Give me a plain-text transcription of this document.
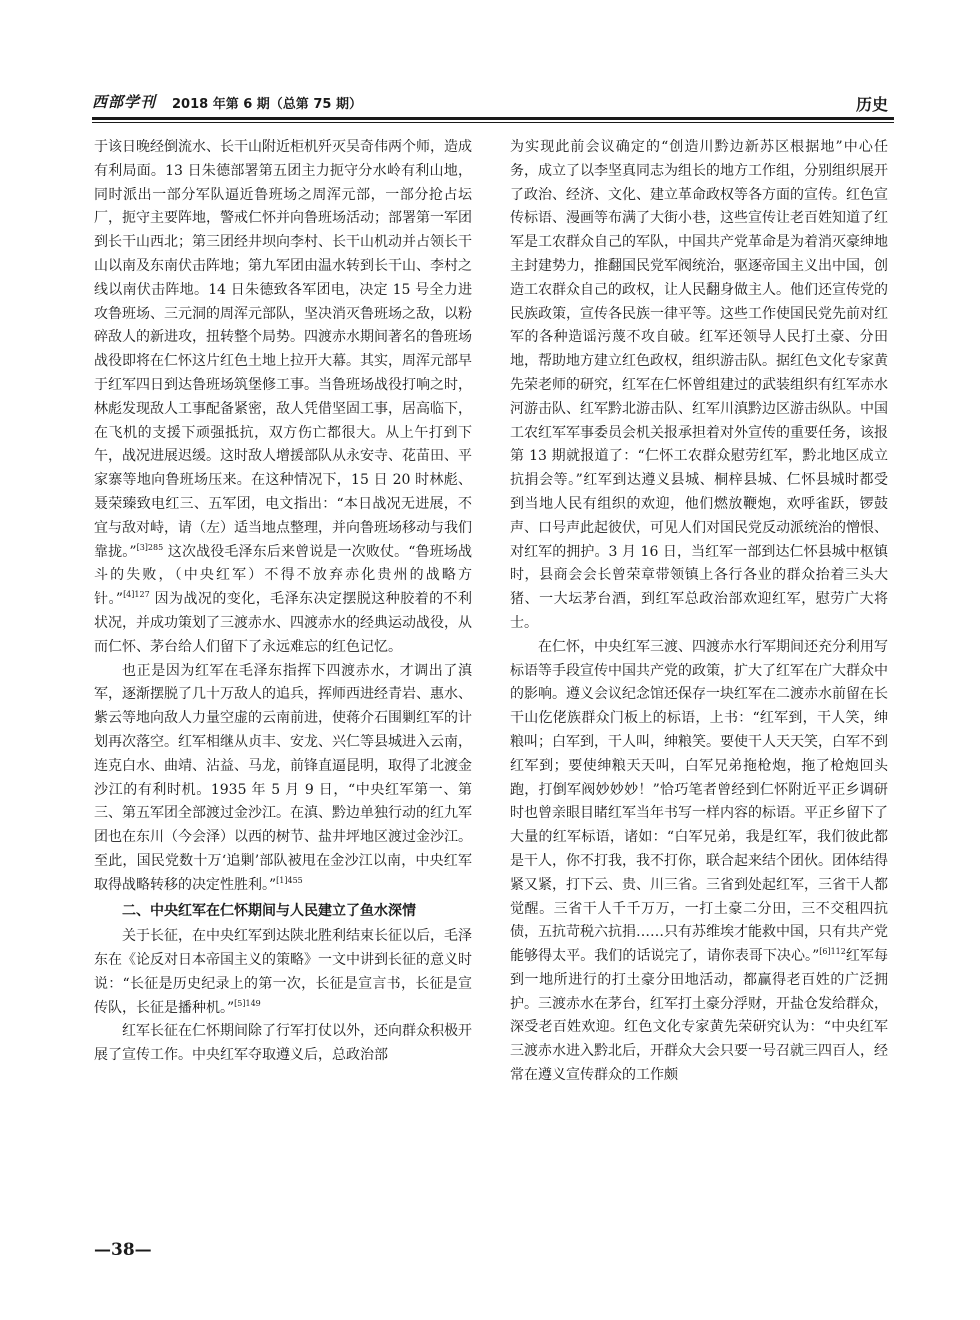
西部学刊 2018 年第 6 期（总第 75 期）	历史

于该日晚经倒流水、长干山附近柜机歼灭吴奇伟两个师，造成有利局面。13 日朱德部署第五团主力扼守分水岭有利山地，同时派出一部分军队逼近鲁班场之周浑元部，一部分抢占坛厂，扼守主要阵地，警戒仁怀并向鲁班场活动；部署第一军团到长干山西北；第三团经井坝向李村、长干山机动并占领长干山以南及东南伏击阵地；第九军团由温水转到长干山、李村之线以南伏击阵地。14 日朱德致各军团电，决定 15 号全力进攻鲁班场、三元洞的周浑元部队，坚决消灭鲁班场之敌，以粉碎敌人的新进攻，扭转整个局势。四渡赤水期间著名的鲁班场战役即将在仁怀这片红色土地上拉开大幕。其实，周浑元部早于红军四日到达鲁班场筑堡修工事。当鲁班场战役打响之时，林彪发现敌人工事配备紧密，敌人凭借坚固工事，居高临下，在飞机的支援下顽强抵抗，双方伤亡都很大。从上午打到下午，战况进展迟缓。这时敌人增援部队从永安寺、花苗田、平家寨等地向鲁班场压来。在这种情况下，15 日 20 时林彪、聂荣臻致电红三、五军团，电文指出：“本日战况无进展，不宜与敌对峙，请（左）适当地点整理，并向鲁班场移动与我们靠拢。”$^{[3]285}$ 这次战役毛泽东后来曾说是一次败仗。“鲁班场战斗的失败，（中央红军）不得不放弃赤化贵州的战略方针。”$^{[4]127}$ 因为战况的变化，毛泽东决定摆脱这种胶着的不利状况，并成功策划了三渡赤水、四渡赤水的经典运动战役，从而仁怀、茅台给人们留下了永远难忘的红色记忆。

也正是因为红军在毛泽东指挥下四渡赤水，才调出了滇军，逐渐摆脱了几十万敌人的追兵，挥师西进经青岩、惠水、紫云等地向敌人力量空虚的云南前进，使蒋介石围剿红军的计划再次落空。红军相继从贞丰、安龙、兴仁等县城进入云南，连克白水、曲靖、沾益、马龙，前锋直逼昆明，取得了北渡金沙江的有利时机。1935 年 5 月 9 日，“中央红军第一、第三、第五军团全部渡过金沙江。在滇、黔边单独行动的红九军团也在东川（今会泽）以西的树节、盐井坪地区渡过金沙江。至此，国民党数十万‘追剿’部队被甩在金沙江以南，中央红军取得战略转移的决定性胜利。”$^{[1]455}$

二、中央红军在仁怀期间与人民建立了鱼水深情

关于长征，在中央红军到达陕北胜利结束长征以后，毛泽东在《论反对日本帝国主义的策略》一文中讲到长征的意义时说：“长征是历史纪录上的第一次，长征是宣言书，长征是宣传队，长征是播种机。”$^{[5]149}$

红军长征在仁怀期间除了行军打仗以外，还向群众积极开展了宣传工作。中央红军夺取遵义后，总政治部

为实现此前会议确定的“创造川黔边新苏区根据地”中心任务，成立了以李坚真同志为组长的地方工作组，分别组织展开了政治、经济、文化、建立革命政权等各方面的宣传。红色宣传标语、漫画等布满了大街小巷，这些宣传让老百姓知道了红军是工农群众自己的军队，中国共产党革命是为着消灭豪绅地主封建势力，推翻国民党军阀统治，驱逐帝国主义出中国，创造工农群众自己的政权，让人民翻身做主人。他们还宣传党的民族政策，宣传各民族一律平等。这些工作使国民党先前对红军的各种造谣污蔑不攻自破。红军还领导人民打土豪、分田地，帮助地方建立红色政权，组织游击队。据红色文化专家黄先荣老师的研究，红军在仁怀曾组建过的武装组织有红军赤水河游击队、红军黔北游击队、红军川滇黔边区游击纵队。中国工农红军军事委员会机关报承担着对外宣传的重要任务，该报第 13 期就报道了：“仁怀工农群众慰劳红军，黔北地区成立抗捐会等。”红军到达遵义县城、桐梓县城、仁怀县城时都受到当地人民有组织的欢迎，他们燃放鞭炮，欢呼雀跃，锣鼓声、口号声此起彼伏，可见人们对国民党反动派统治的憎恨、对红军的拥护。3 月 16 日，当红军一部到达仁怀县城中枢镇时，县商会会长曾荣章带领镇上各行各业的群众抬着三头大猪、一大坛茅台酒，到红军总政治部欢迎红军，慰劳广大将士。

在仁怀，中央红军三渡、四渡赤水行军期间还充分利用写标语等手段宣传中国共产党的政策，扩大了红军在广大群众中的影响。遵义会议纪念馆还保存一块红军在二渡赤水前留在长干山仡佬族群众门板上的标语，上书：“红军到，干人笑，绅粮叫；白军到，干人叫，绅粮笑。要使干人天天笑，白军不到红军到；要使绅粮天天叫，白军兄弟拖枪炮，拖了枪炮回头跑，打倒军阀妙妙妙！”恰巧笔者曾经到仁怀附近平正乡调研时也曾亲眼目睹红军当年书写一样内容的标语。平正乡留下了大量的红军标语，诸如：“白军兄弟，我是红军，我们彼此都是干人，你不打我，我不打你，联合起来结个团伙。团体结得紧又紧，打下云、贵、川三省。三省到处起红军，三省干人都觉醒。三省干人千千万万，一打土豪二分田，三不交租四抗债，五抗苛税六抗捐……只有苏维埃才能救中国，只有共产党能够得太平。我们的话说完了，请你表哥下决心。”$^{[6]112}$红军每到一地所进行的打土豪分田地活动，都赢得老百姓的广泛拥护。三渡赤水在茅台，红军打土豪分浮财，开盐仓发给群众，深受老百姓欢迎。红色文化专家黄先荣研究认为：“中央红军三渡赤水进入黔北后，开群众大会只要一号召就三四百人，经常在遵义宣传群众的工作颇

—38—
